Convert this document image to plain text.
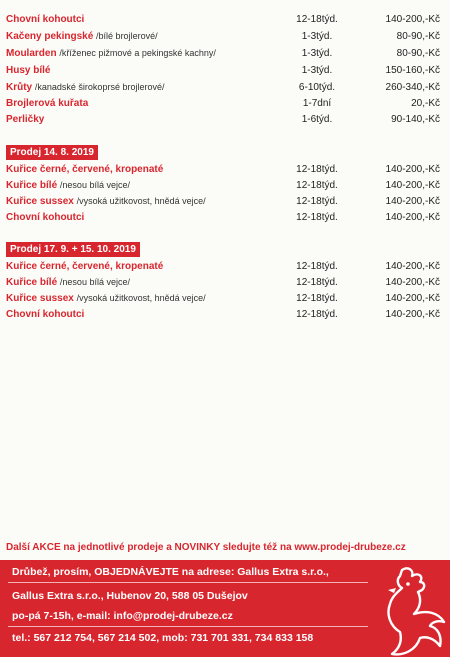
Chovní kohoutci	12-18týd.	140-200,-Kč
Kačeny pekingské /bílé brojlerové/	1-3týd.	80-90,-Kč
Moularden /kříženec pižmové a pekingské kachny/	1-3týd.	80-90,-Kč
Husy bílé	1-3týd.	150-160,-Kč
Krůty /kanadské širokoprsé brojlerové/	6-10týd.	260-340,-Kč
Brojlerová kuřata	1-7dní	20,-Kč
Perličky	1-6týd.	90-140,-Kč
Prodej 14. 8. 2019
Kuřice černé, červené, kropenaté	12-18týd.	140-200,-Kč
Kuřice bílé /nesou bílá vejce/	12-18týd.	140-200,-Kč
Kuřice sussex /vysoká užitkovost, hnědá vejce/	12-18týd.	140-200,-Kč
Chovní kohoutci	12-18týd.	140-200,-Kč
Prodej 17. 9. + 15. 10. 2019
Kuřice černé, červené, kropenaté	12-18týd.	140-200,-Kč
Kuřice bílé /nesou bílá vejce/	12-18týd.	140-200,-Kč
Kuřice sussex /vysoká užitkovost, hnědá vejce/	12-18týd.	140-200,-Kč
Chovní kohoutci	12-18týd.	140-200,-Kč
Další AKCE na jednotlivé prodeje a NOVINKY sledujte též na www.prodej-drubeze.cz
Drůbež, prosím, OBJEDNÁVEJTE na adrese: Gallus Extra s.r.o.,
Gallus Extra s.r.o., Hubenov 20, 588 05 Dušejov
po-pá 7-15h, e-mail: info@prodej-drubeze.cz
tel.: 567 212 754, 567 214 502, mob: 731 701 331, 734 833 158
